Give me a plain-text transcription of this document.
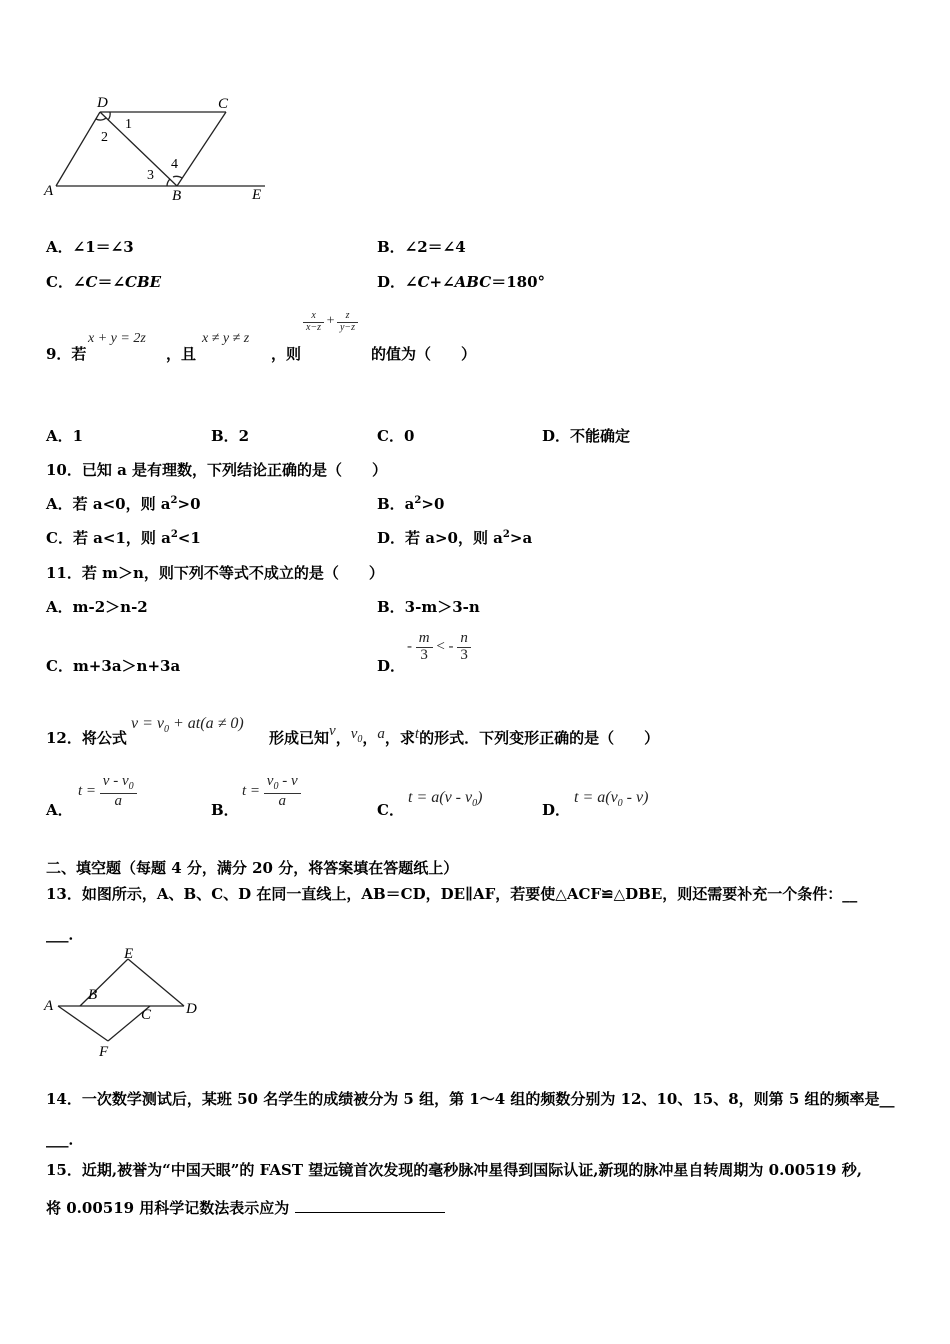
D	C
A	B	E
1
2
3
4
A．∠1＝∠3	B．∠2＝∠4
C．∠C＝∠CBE	D．∠C+∠ABC＝180°
9．若
x + y = 2z
，且
x ≠ y ≠ z
，则
$\frac{x}{x-z} + \frac{z}{y-z}$
的值为（　　）
A．1	B．2	C．0	D．不能确定
10．已知 a 是有理数，下列结论正确的是（　　）
A．若 a<0，则 $a^2>0$	B．$a^2>0$
C．若 a<1，则 $a^2<1$	D．若 a>0，则 $a^2>a$
11．若 m＞n，则下列不等式不成立的是（　　）
A．m-2＞n-2	B．3-m＞3-n
C．m+3a＞n+3a	D．
- $\frac{m}{3}$ < - $\frac{n}{3}$
12．将公式
$v = v_0 + at(a \ne 0)$
形成已知v，$v_0$，a，求t的形式．下列变形正确的是（　　）
A．
$t = \frac{v - v_0}{a}$
B．
$t = \frac{v_0 - v}{a}$
C．
$t = a(v - v_0)$
D．
$t = a(v_0 - v)$
二、填空题（每题 4 分，满分 20 分，将答案填在答题纸上）
13．如图所示，A、B、C、D 在同一直线上，AB＝CD，DE∥AF，若要使△ACF≌△DBE，则还需要补充一个条件：__
___．
E
A
B
C D
F
14．一次数学测试后，某班 50 名学生的成绩被分为 5 组，第 1～4 组的频数分别为 12、10、15、8，则第 5 组的频率是__
___．
15．近期,被誉为“中国天眼”的 FAST 望远镜首次发现的毫秒脉冲星得到国际认证,新现的脉冲星自转周期为 0.00519 秒,
将 0.00519 用科学记数法表示应为
